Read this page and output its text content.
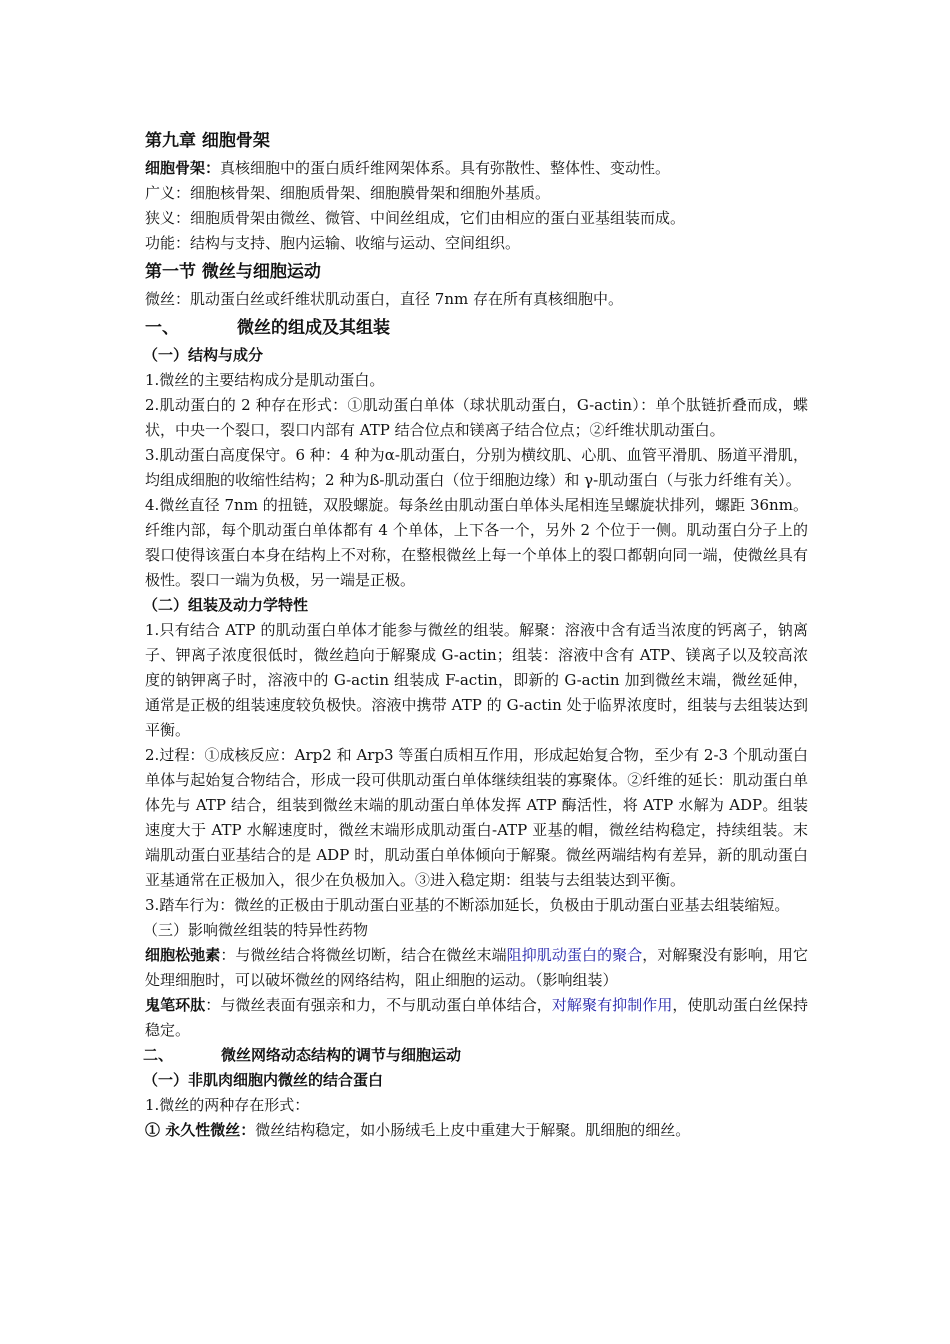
第九章 细胞骨架
细胞骨架：真核细胞中的蛋白质纤维网架体系。具有弥散性、整体性、变动性。
广义：细胞核骨架、细胞质骨架、细胞膜骨架和细胞外基质。
狭义：细胞质骨架由微丝、微管、中间丝组成，它们由相应的蛋白亚基组装而成。
功能：结构与支持、胞内运输、收缩与运动、空间组织。
第一节 微丝与细胞运动
微丝：肌动蛋白丝或纤维状肌动蛋白，直径 7nm 存在所有真核细胞中。
一、	微丝的组成及其组装
（一）结构与成分

1.微丝的主要结构成分是肌动蛋白。

2.肌动蛋白的 2 种存在形式：①肌动蛋白单体（球状肌动蛋白，G-actin）：单个肽链折叠而成，蝶状，中央一个裂口，裂口内部有 ATP 结合位点和镁离子结合位点；②纤维状肌动蛋白。

3.肌动蛋白高度保守。6 种：4 种为α-肌动蛋白，分别为横纹肌、心肌、血管平滑肌、肠道平滑肌，均组成细胞的收缩性结构；2 种为ß-肌动蛋白（位于细胞边缘）和 γ-肌动蛋白（与张力纤维有关）。

4.微丝直径 7nm 的扭链，双股螺旋。每条丝由肌动蛋白单体头尾相连呈螺旋状排列，螺距 36nm。纤维内部，每个肌动蛋白单体都有 4 个单体，上下各一个，另外 2 个位于一侧。肌动蛋白分子上的裂口使得该蛋白本身在结构上不对称，在整根微丝上每一个单体上的裂口都朝向同一端，使微丝具有极性。裂口一端为负极，另一端是正极。

（二）组装及动力学特性

1.只有结合 ATP 的肌动蛋白单体才能参与微丝的组装。解聚：溶液中含有适当浓度的钙离子，钠离子、钾离子浓度很低时，微丝趋向于解聚成 G-actin；组装：溶液中含有 ATP、镁离子以及较高浓度的钠钾离子时，溶液中的 G-actin 组装成 F-actin，即新的 G-actin 加到微丝末端，微丝延伸，通常是正极的组装速度较负极快。溶液中携带 ATP 的 G-actin 处于临界浓度时，组装与去组装达到平衡。

2.过程：①成核反应：Arp2 和 Arp3 等蛋白质相互作用，形成起始复合物，至少有 2-3 个肌动蛋白单体与起始复合物结合，形成一段可供肌动蛋白单体继续组装的寡聚体。②纤维的延长：肌动蛋白单体先与 ATP 结合，组装到微丝末端的肌动蛋白单体发挥 ATP 酶活性，将 ATP 水解为 ADP。组装速度大于 ATP 水解速度时，微丝末端形成肌动蛋白-ATP 亚基的帽，微丝结构稳定，持续组装。末端肌动蛋白亚基结合的是 ADP 时，肌动蛋白单体倾向于解聚。微丝两端结构有差异，新的肌动蛋白亚基通常在正极加入，很少在负极加入。③进入稳定期：组装与去组装达到平衡。

3.踏车行为：微丝的正极由于肌动蛋白亚基的不断添加延长，负极由于肌动蛋白亚基去组装缩短。

（三）影响微丝组装的特异性药物

细胞松弛素：与微丝结合将微丝切断，结合在微丝末端阻抑肌动蛋白的聚合，对解聚没有影响，用它处理细胞时，可以破坏微丝的网络结构，阻止细胞的运动。（影响组装）

鬼笔环肽：与微丝表面有强亲和力，不与肌动蛋白单体结合，对解聚有抑制作用，使肌动蛋白丝保持稳定。

二、	微丝网络动态结构的调节与细胞运动
（一）非肌肉细胞内微丝的结合蛋白

1.微丝的两种存在形式：

① 永久性微丝：微丝结构稳定，如小肠绒毛上皮中重建大于解聚。肌细胞的细丝。
